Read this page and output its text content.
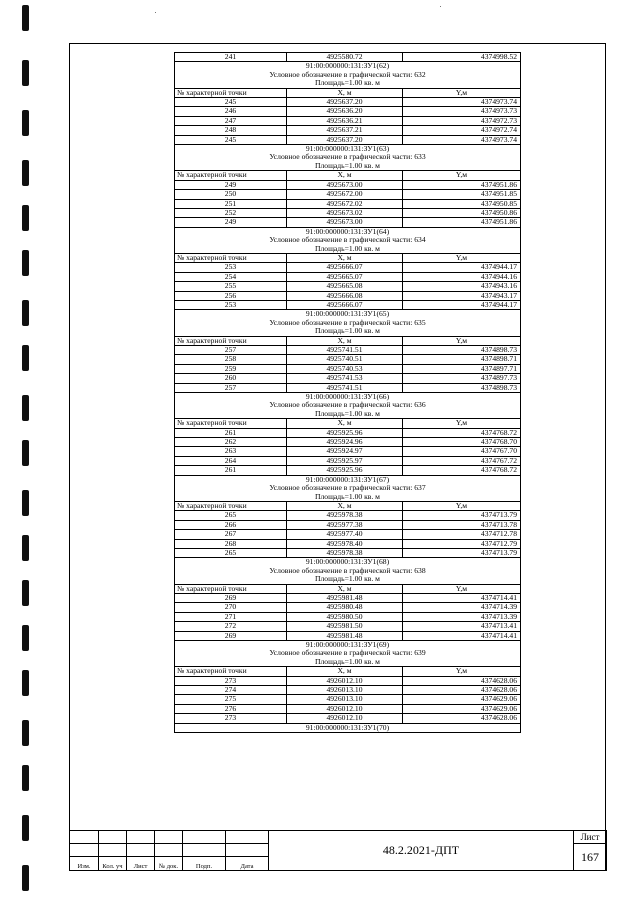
241	4925580.72	4374998.52
91:00:000000:131:ЗУ1(62)		
Условное обозначение в графической части: 632		
Площадь=1.00 кв. м		
№ характерной точки	X, м	Y,м
245	4925637.20	4374973.74
246	4925636.20	4374973.73
247	4925636.21	4374972.73
248	4925637.21	4374972.74
245	4925637.20	4374973.74
91:00:000000:131:ЗУ1(63)		
Условное обозначение в графической части: 633		
Площадь=1.00 кв. м		
№ характерной точки	X, м	Y,м
249	4925673.00	4374951.86
250	4925672.00	4374951.85
251	4925672.02	4374950.85
252	4925673.02	4374950.86
249	4925673.00	4374951.86
91:00:000000:131:ЗУ1(64)		
Условное обозначение в графической части: 634		
Площадь=1.00 кв. м		
№ характерной точки	X, м	Y,м
253	4925666.07	4374944.17
254	4925665.07	4374944.16
255	4925665.08	4374943.16
256	4925666.08	4374943.17
253	4925666.07	4374944.17
91:00:000000:131:ЗУ1(65)		
Условное обозначение в графической части: 635		
Площадь=1.00 кв. м		
№ характерной точки	X, м	Y,м
257	4925741.51	4374898.73
258	4925740.51	4374898.71
259	4925740.53	4374897.71
260	4925741.53	4374897.73
257	4925741.51	4374898.73
91:00:000000:131:ЗУ1(66)		
Условное обозначение в графической части: 636		
Площадь=1.00 кв. м		
№ характерной точки	X, м	Y,м
261	4925925.96	4374768.72
262	4925924.96	4374768.70
263	4925924.97	4374767.70
264	4925925.97	4374767.72
261	4925925.96	4374768.72
91:00:000000:131:ЗУ1(67)		
Условное обозначение в графической части: 637		
Площадь=1.00 кв. м		
№ характерной точки	X, м	Y,м
265	4925978.38	4374713.79
266	4925977.38	4374713.78
267	4925977.40	4374712.78
268	4925978.40	4374712.79
265	4925978.38	4374713.79
91:00:000000:131:ЗУ1(68)		
Условное обозначение в графической части: 638		
Площадь=1.00 кв. м		
№ характерной точки	X, м	Y,м
269	4925981.48	4374714.41
270	4925980.48	4374714.39
271	4925980.50	4374713.39
272	4925981.50	4374713.41
269	4925981.48	4374714.41
91:00:000000:131:ЗУ1(69)		
Условное обозначение в графической части: 639		
Площадь=1.00 кв. м		
№ характерной точки	X, м	Y,м
273	4926012.10	4374628.06
274	4926013.10	4374628.06
275	4926013.10	4374629.06
276	4926012.10	4374629.06
273	4926012.10	4374628.06
91:00:000000:131:ЗУ1(70)		
						48.2.2021-ДПТ	Лист
							167
Изм.	Кол. уч	Лист	№ док.	Подп.	Дата		
